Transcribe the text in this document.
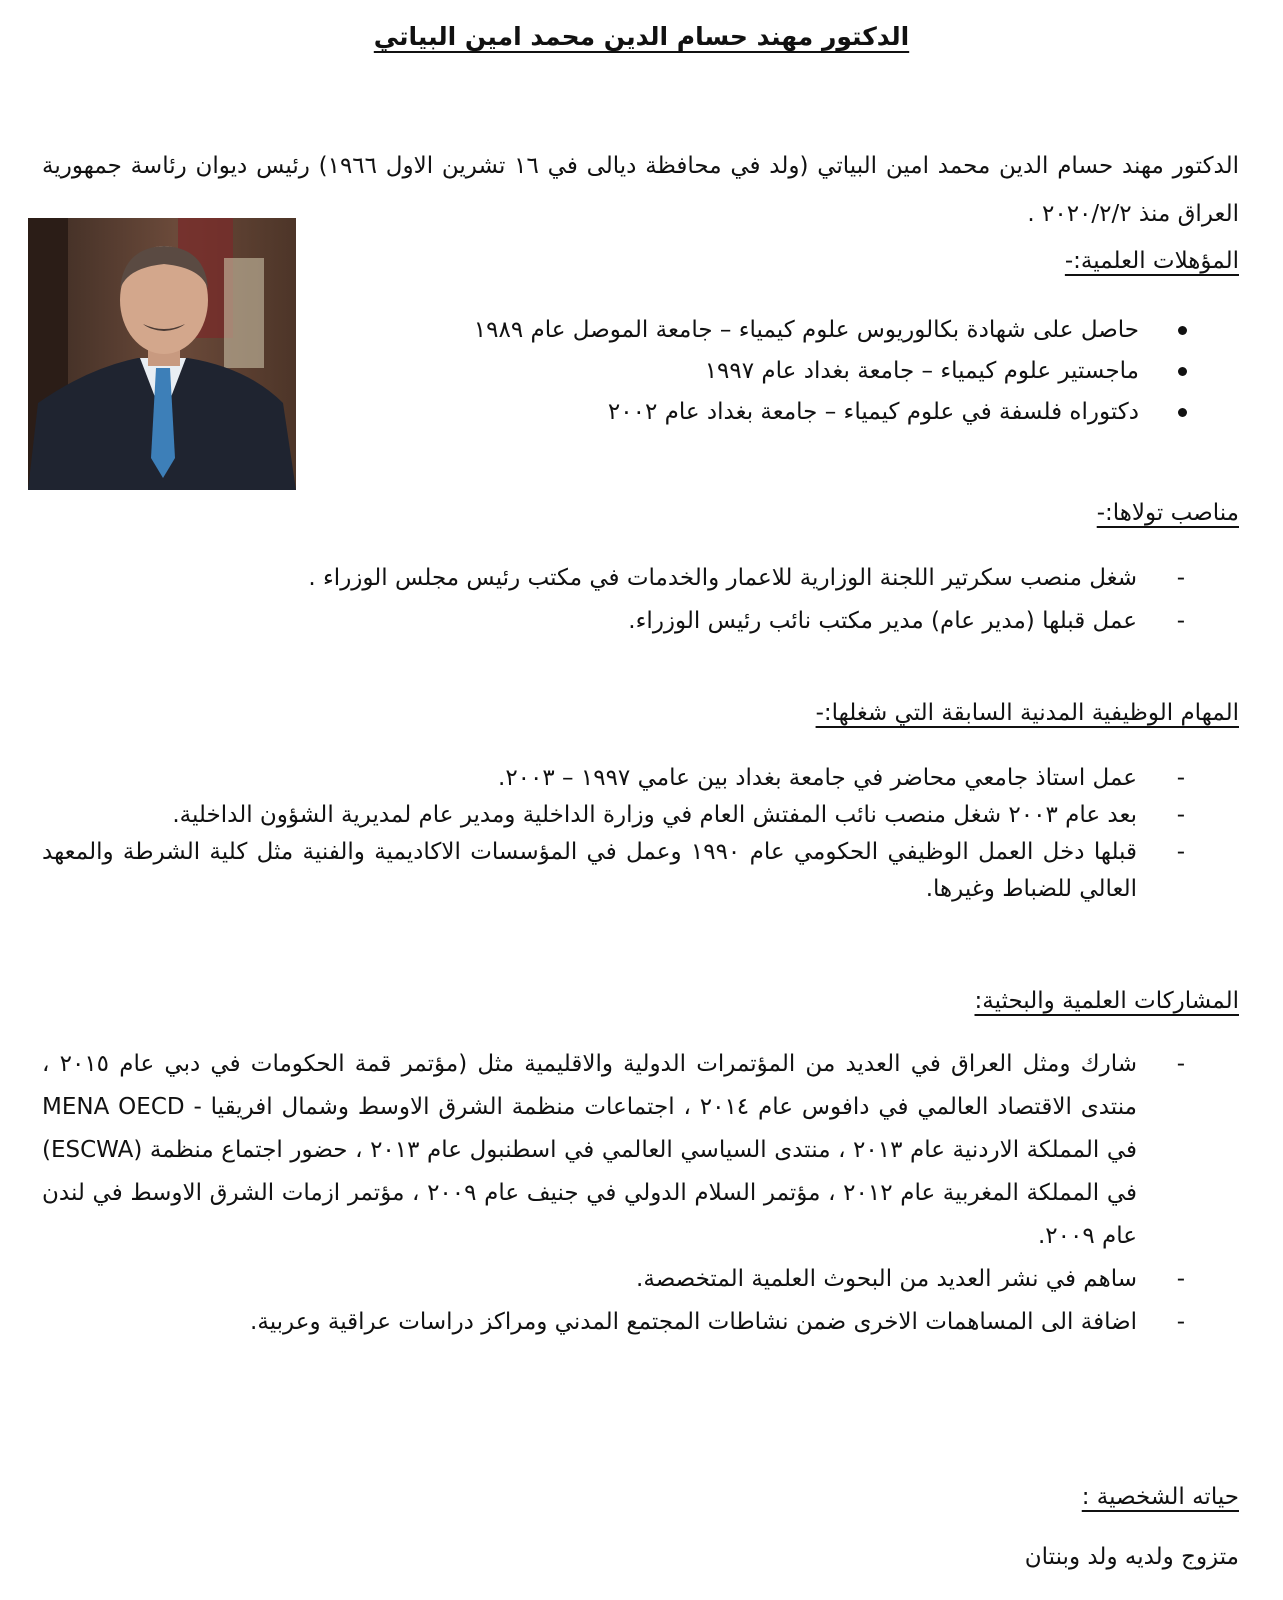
الدكتور مهند حسام الدين محمد امين البياتي
الدكتور مهند حسام الدين محمد امين البياتي (ولد في محافظة ديالى في ١٦ تشرين الاول ١٩٦٦) رئيس ديوان رئاسة جمهورية العراق منذ ٢٠٢٠/٢/٢ .
المؤهلات العلمية:-
حاصل على شهادة بكالوريوس علوم كيمياء – جامعة الموصل عام ١٩٨٩
ماجستير علوم كيمياء – جامعة بغداد عام ١٩٩٧
دكتوراه فلسفة في علوم كيمياء – جامعة بغداد عام ٢٠٠٢
مناصب تولاها:-
- شغل منصب سكرتير اللجنة الوزارية للاعمار والخدمات في مكتب رئيس مجلس الوزراء .
- عمل قبلها (مدير عام) مدير مكتب نائب رئيس الوزراء.
المهام الوظيفية المدنية السابقة التي شغلها:-
- عمل استاذ جامعي محاضر في جامعة بغداد بين عامي ١٩٩٧ – ٢٠٠٣.
- بعد عام ٢٠٠٣ شغل منصب نائب المفتش العام في وزارة الداخلية ومدير عام لمديرية الشؤون الداخلية.
- قبلها دخل العمل الوظيفي الحكومي عام ١٩٩٠ وعمل في المؤسسات الاكاديمية والفنية مثل كلية الشرطة والمعهد العالي للضباط وغيرها.
المشاركات العلمية والبحثية:
- شارك ومثل العراق في العديد من المؤتمرات الدولية والاقليمية مثل (مؤتمر قمة الحكومات في دبي عام ٢٠١٥ ، منتدى الاقتصاد العالمي في دافوس عام ٢٠١٤ ، اجتماعات منظمة الشرق الاوسط وشمال افريقيا - MENA OECD في المملكة الاردنية عام ٢٠١٣ ، منتدى السياسي العالمي في اسطنبول عام ٢٠١٣ ، حضور اجتماع منظمة (ESCWA) في المملكة المغربية عام ٢٠١٢ ، مؤتمر السلام الدولي في جنيف عام ٢٠٠٩ ، مؤتمر ازمات الشرق الاوسط في لندن عام ٢٠٠٩.
- ساهم في نشر العديد من البحوث العلمية المتخصصة.
- اضافة الى المساهمات الاخرى ضمن نشاطات المجتمع المدني ومراكز دراسات عراقية وعربية.
حياته الشخصية :
متزوج ولديه ولد وبنتان
